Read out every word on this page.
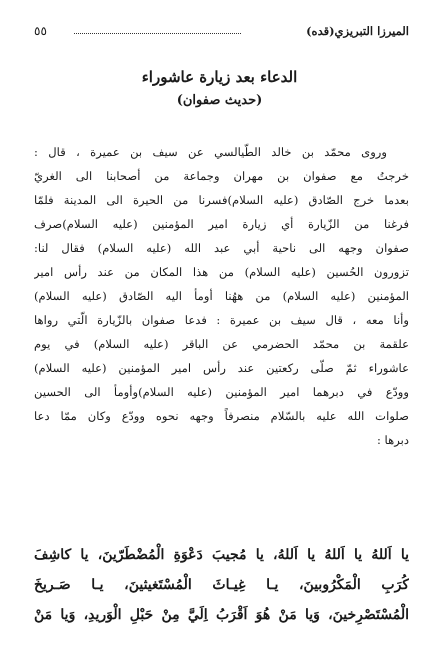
الميرزا التبريزي(قده)
٥٥
الدعاء بعد زيارة عاشوراء
(حديث صفوان)
وروى محمّد بن خالد الطّيالسي عن سيف بن عميرة ، قال :
خرجتُ مع صفوان بن مهران وجماعة من أصحابنا الى الغريّ
بعدما خرج الصّادق (عليه السلام)فسرنا من الحيرة الى المدينة فلمّا
فرغنا من الزّيارة أي زيارة امير المؤمنين (عليه السلام)صرف
صفوان وجهه الى ناحية أبي عبد الله (عليه السلام) فقال لنا:
تزورون الحُسين (عليه السلام) من هذا المكان من عند رأس امير
المؤمنين (عليه السلام) من ههُنا أومأ اليه الصّادق (عليه السلام)
وأنا معه ، قال سيف بن عميرة : فدعا صفوان بالزّيارة الّتي رواها
علقمة بن محمّد الحضرمي عن الباقر (عليه السلام) في يوم
عاشوراء ثمّ صلّى ركعتين عند رأس امير المؤمنين (عليه السلام)
وودّع في دبرهما امير المؤمنين (عليه السلام)وأومأ الى الحسين
صلوات الله عليه بالسّلام منصرفاً وجهه نحوه وودّع وكان ممّا دعا
دبرها :
يا اَللهُ يا اَللهُ يا اَللهُ، يا مُجيبَ دَعْوَةِ الْمُضْطَرّينَ، يا كاشِفَ
كُرَبِ الْمَكْرُوبينَ، يـا غِيـاثَ الْمُسْتَغيثينَ، يـا صَـريخَ
الْمُسْتَصْرِخينَ، وَيا مَنْ هُوَ اَقْرَبُ اِلَيَّ مِنْ حَبْلِ الْوَريدِ، وَيا مَنْ
